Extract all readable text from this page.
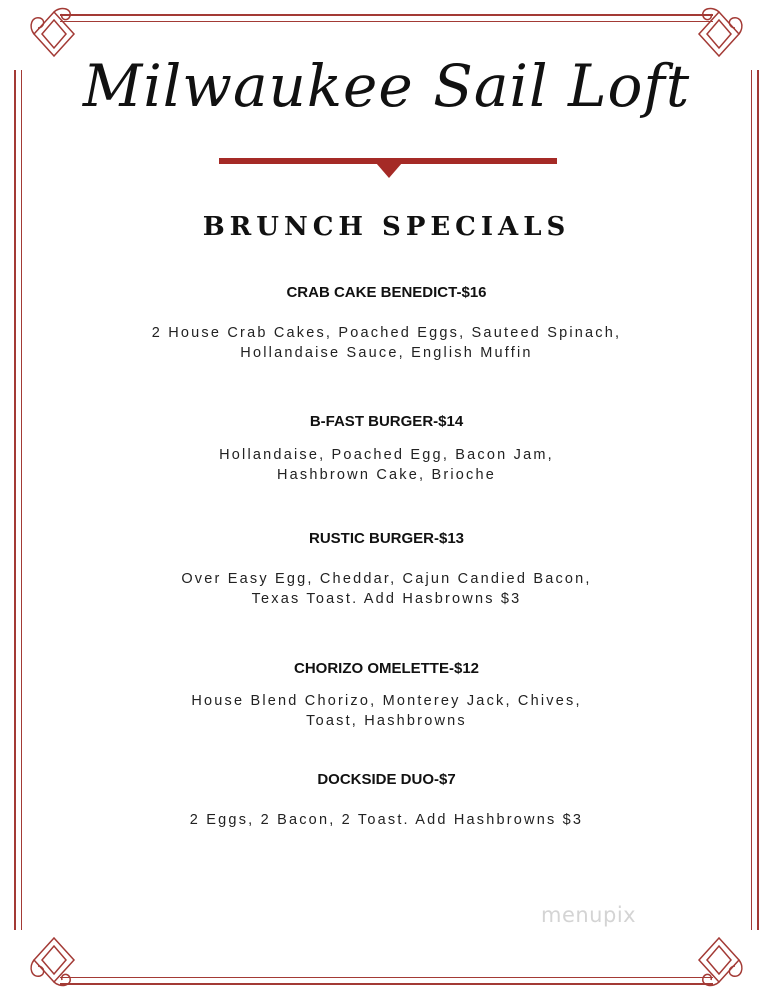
Milwaukee Sail Loft
BRUNCH SPECIALS
CRAB CAKE BENEDICT-$16
2 House Crab Cakes, Poached Eggs, Sauteed Spinach,
Hollandaise Sauce, English Muffin
B-FAST BURGER-$14
Hollandaise, Poached Egg, Bacon Jam,
Hashbrown Cake, Brioche
RUSTIC BURGER-$13
Over Easy Egg, Cheddar, Cajun Candied Bacon,
Texas Toast. Add Hasbrowns $3
CHORIZO OMELETTE-$12
House Blend Chorizo, Monterey Jack, Chives,
Toast, Hashbrowns
DOCKSIDE DUO-$7
2 Eggs, 2 Bacon, 2 Toast. Add Hashbrowns $3
menupix
